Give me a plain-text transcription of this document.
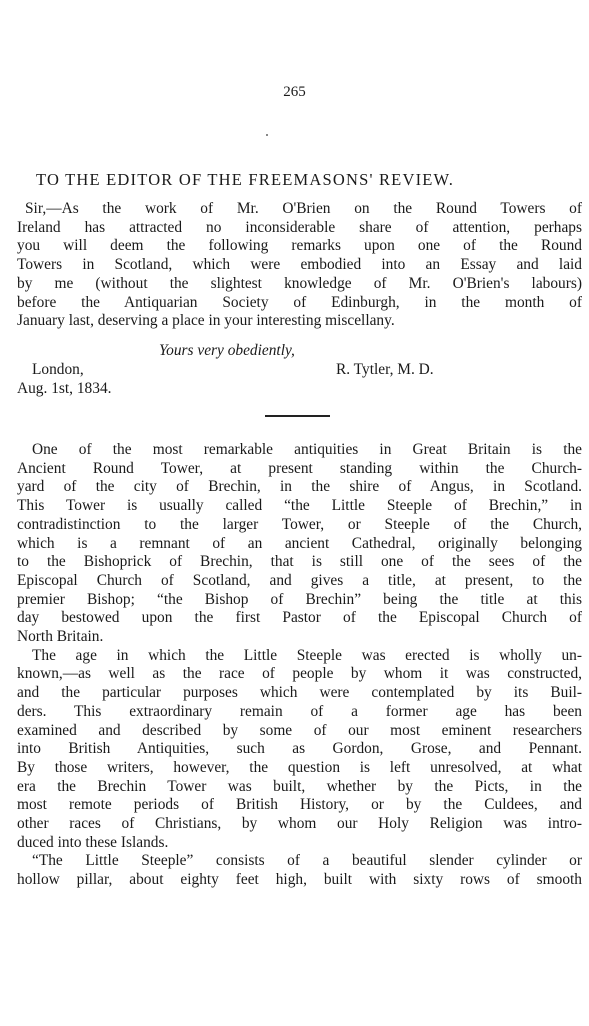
265
TO THE EDITOR OF THE FREEMASONS' REVIEW.
Sir,—As the work of Mr. O'Brien on the Round Towers of
Ireland has attracted no inconsiderable share of attention, perhaps
you will deem the following remarks upon one of the Round
Towers in Scotland, which were embodied into an Essay and laid
by me (without the slightest knowledge of Mr. O'Brien's labours)
before the Antiquarian Society of Edinburgh, in the month of
January last, deserving a place in your interesting miscellany.
Yours very obediently,
London,	R. Tytler, M. D.
Aug. 1st, 1834.
One of the most remarkable antiquities in Great Britain is the
Ancient Round Tower, at present standing within the Church-
yard of the city of Brechin, in the shire of Angus, in Scotland.
This Tower is usually called “the Little Steeple of Brechin,” in
contradistinction to the larger Tower, or Steeple of the Church,
which is a remnant of an ancient Cathedral, originally belonging
to the Bishoprick of Brechin, that is still one of the sees of the
Episcopal Church of Scotland, and gives a title, at present, to the
premier Bishop; “the Bishop of Brechin” being the title at this
day bestowed upon the first Pastor of the Episcopal Church of
North Britain.
The age in which the Little Steeple was erected is wholly un-
known,—as well as the race of people by whom it was constructed,
and the particular purposes which were contemplated by its Buil-
ders. This extraordinary remain of a former age has been
examined and described by some of our most eminent researchers
into British Antiquities, such as Gordon, Grose, and Pennant.
By those writers, however, the question is left unresolved, at what
era the Brechin Tower was built, whether by the Picts, in the
most remote periods of British History, or by the Culdees, and
other races of Christians, by whom our Holy Religion was intro-
duced into these Islands.
“The Little Steeple” consists of a beautiful slender cylinder or
hollow pillar, about eighty feet high, built with sixty rows of smooth
